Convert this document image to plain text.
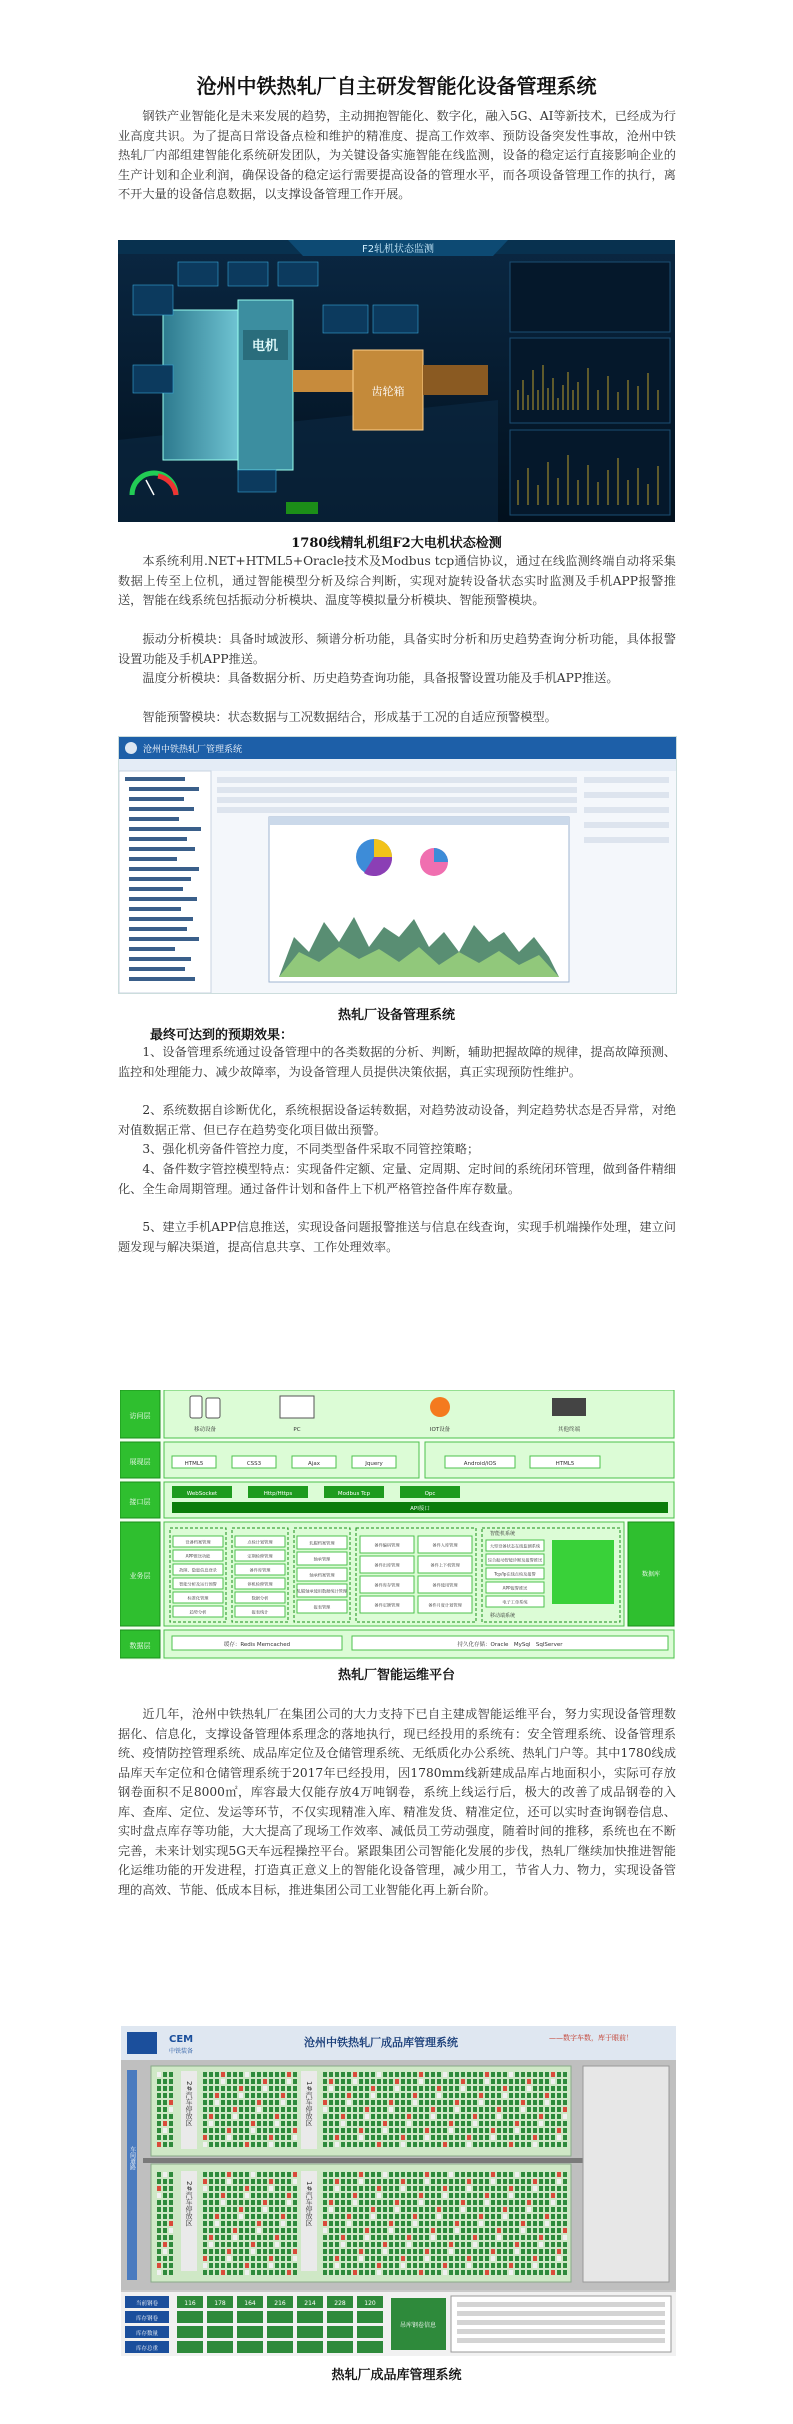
沧州中铁热轧厂自主研发智能化设备管理系统

钢铁产业智能化是未来发展的趋势，主动拥抱智能化、数字化，融入5G、AI等新技术，已经成为行业高度共识。为了提高日常设备点检和维护的精准度、提高工作效率、预防设备突发性事故，沧州中铁热轧厂内部组建智能化系统研发团队，为关键设备实施智能在线监测，设备的稳定运行直接影响企业的生产计划和企业利润，确保设备的稳定运行需要提高设备的管理水平，而各项设备管理工作的执行，离不开大量的设备信息数据，以支撑设备管理工作开展。

F2轧机状态监测
电机
齿轮箱

1780线精轧机组F2大电机状态检测

本系统利用.NET+HTML5+Oracle技术及Modbus tcp通信协议，通过在线监测终端自动将采集数据上传至上位机，通过智能模型分析及综合判断，实现对旋转设备状态实时监测及手机APP报警推送，智能在线系统包括振动分析模块、温度等模拟量分析模块、智能预警模块。

振动分析模块：具备时域波形、频谱分析功能，具备实时分析和历史趋势查询分析功能，具体报警设置功能及手机APP推送。

温度分析模块：具备数据分析、历史趋势查询功能，具备报警设置功能及手机APP推送。

智能预警模块：状态数据与工况数据结合，形成基于工况的自适应预警模型。

沧州中铁热轧厂管理系统

热轧厂设备管理系统

最终可达到的预期效果：

1、设备管理系统通过设备管理中的各类数据的分析、判断，辅助把握故障的规律，提高故障预测、监控和处理能力、减少故障率，为设备管理人员提供决策依据，真正实现预防性维护。

2、系统数据自诊断优化，系统根据设备运转数据，对趋势波动设备，判定趋势状态是否异常，对绝对值数据正常、但已存在趋势变化项目做出预警。

3、强化机旁备件管控力度，不同类型备件采取不同管控策略；

4、备件数字管控模型特点：实现备件定额、定量、定周期、定时间的系统闭环管理，做到备件精细化、全生命周期管理。通过备件计划和备件上下机严格管控备件库存数量。

5、建立手机APP信息推送，实现设备问题报警推送与信息在线查询，实现手机端操作处理，建立问题发现与解决渠道，提高信息共享、工作处理效率。

访问层
展现层
接口层
业务层
数据层
移动设备	PC	IOT设备	其他终端
HTML5	CSS3	Ajax	Jquery	Android/iOS	HTML5
WebSocket	Http/Https	Modbus Tcp	Opc
API接口
数据库
设备档案管理
APP推送功能
故障、隐患信息登录
智能分析及运行预警
标准化管理
趋势分析
点检计划管理
定期检修管理
备件库管理
停机检修管理
数据分析
报表统计
轧辊档案管理
轴承管理
轴承档案管理
轧辊轴承使用数据统计管理
报表管理
备件编码管理
备件出库管理
备件库存管理
备件定额管理
备件入库管理
备件上下机管理
备件使用管理
备件月度计划管理
大型设备状态在线监测系统
综合振动智能诊断及报警推送
Tcp/Ip在线点检及报警
APP报警推送
电子工单系统
智能机系统
移动端系统
缓存：Redis Memcached	持久化存储：Oracle　MySql　SqlServer

热轧厂智能运维平台

近几年，沧州中铁热轧厂在集团公司的大力支持下已自主建成智能运维平台，努力实现设备管理数据化、信息化，支撑设备管理体系理念的落地执行，现已经投用的系统有：安全管理系统、设备管理系统、疫情防控管理系统、成品库定位及仓储管理系统、无纸质化办公系统、热轧门户等。其中1780线成品库天车定位和仓储管理系统于2017年已经投用，因1780mm线新建成品库占地面积小，实际可存放钢卷面积不足8000㎡，库容最大仅能存放4万吨钢卷，系统上线运行后，极大的改善了成品钢卷的入库、查库、定位、发运等环节，不仅实现精准入库、精准发货、精准定位，还可以实时查询钢卷信息、实时盘点库存等功能，大大提高了现场工作效率、减低员工劳动强度，随着时间的推移，系统也在不断完善，未来计划实现5G天车远程操控平台。紧跟集团公司智能化发展的步伐，热轧厂继续加快推进智能化运维功能的开发进程，打造真正意义上的智能化设备管理，减少用工，节省人力、物力，实现设备管理的高效、节能、低成本目标，推进集团公司工业智能化再上新台阶。

CEM
中铁装备
沧州中铁热轧厂成品库管理系统	——数字车数，库于眼前！
2#汽车停放区	1#汽车停放区
2#汽车停放区	1#汽车停放区
车间道路
当前钢卷
库存钢卷
库存数量
库存总重
116	178	164	216	214	228	120
吊库钢卷信息

热轧厂成品库管理系统
